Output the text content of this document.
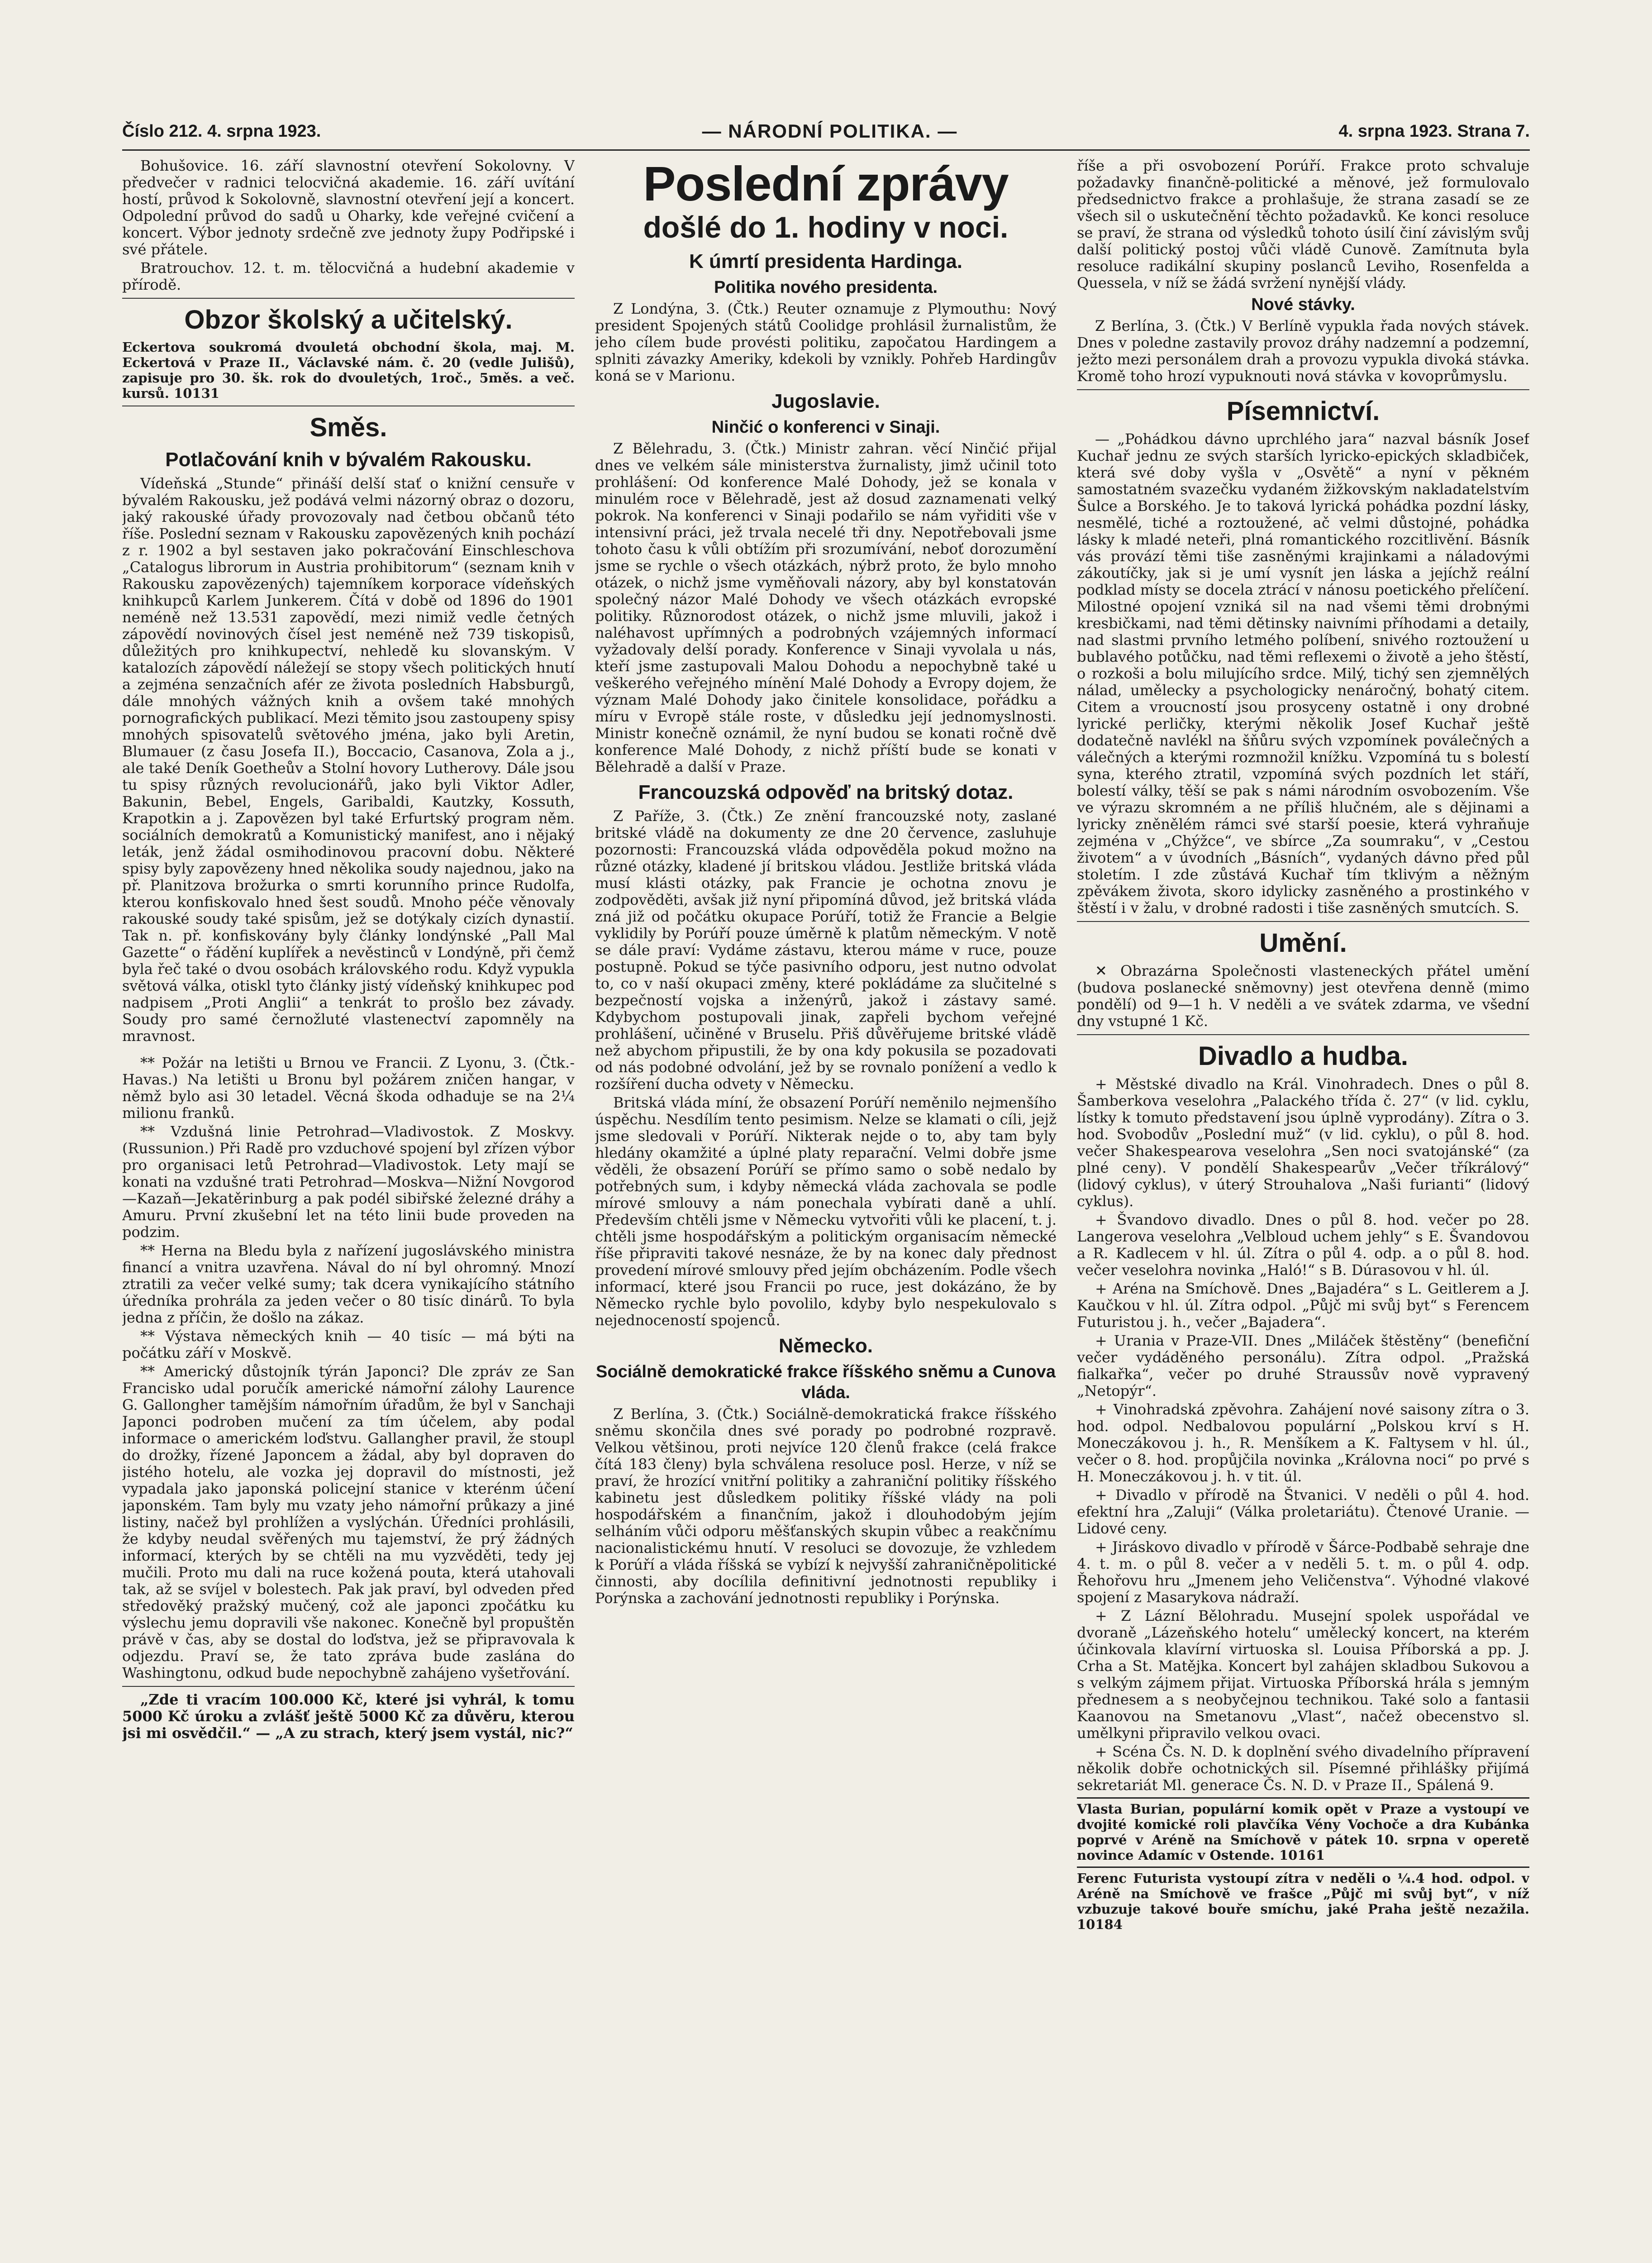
Číslo 212. 4. srpna 1923.	— NÁRODNÍ POLITIKA. —	4. srpna 1923. Strana 7.

Bohušovice. 16. září slavnostní otevření Sokolovny. V předvečer v radnici telocvičná akademie. 16. září uvítání hostí, průvod k Sokolovně, slavnostní otevření její a koncert. Odpolední průvod do sadů u Oharky, kde veřejné cvičení a koncert. Výbor jednoty srdečně zve jednoty župy Podřipské i své přátele.

Bratrouchov. 12. t. m. tělocvičná a hudební akademie v přírodě.

Obzor školský a učitelský.

Eckertova soukromá dvouletá obchodní škola, maj. M. Eckertová v Praze II., Václavské nám. č. 20 (vedle Julišů), zapisuje pro 30. šk. rok do dvouletých, 1roč., 5měs. a več. kursů. 10131

Směs.
Potlačování knih v bývalém Rakousku.

Vídeňská „Stunde“ přináší delší stať o knižní censuře v bývalém Rakousku, jež podává velmi názorný obraz o dozoru, jaký rakouské úřady provozovaly nad četbou občanů této říše. Poslední seznam v Rakousku zapovězených knih pochází z r. 1902 a byl sestaven jako pokračování Einschleschova „Catalogus librorum in Austria prohibitorum“ (seznam knih v Rakousku zapovězených) tajemníkem korporace vídeňských knihkupců Karlem Junkerem. Čítá v době od 1896 do 1901 neméně než 13.531 zapovědí, mezi nimiž vedle četných zápovědí novinových čísel jest neméně než 739 tiskopisů, důležitých pro knihkupectví, nehledě ku slovanským. V katalozích zápovědí náležejí se stopy všech politických hnutí a zejména senzačních afér ze života posledních Habsburgů, dále mnohých vážných knih a ovšem také mnohých pornografických publikací. Mezi těmito jsou zastoupeny spisy mnohých spisovatelů světového jména, jako byli Aretin, Blumauer (z času Josefa II.), Boccacio, Casanova, Zola a j., ale také Deník Goetheův a Stolní hovory Lutherovy. Dále jsou tu spisy různých revolucionářů, jako byli Viktor Adler, Bakunin, Bebel, Engels, Garibaldi, Kautzky, Kossuth, Krapotkin a j. Zapovězen byl také Erfurtský program něm. sociálních demokratů a Komunistický manifest, ano i nějaký leták, jenž žádal osmihodinovou pracovní dobu. Některé spisy byly zapovězeny hned několika soudy najednou, jako na př. Planitzova brožurka o smrti korunního prince Rudolfa, kterou konfiskovalo hned šest soudů. Mnoho péče věnovaly rakouské soudy také spisům, jež se dotýkaly cizích dynastií. Tak n. př. konfiskovány byly články londýnské „Pall Mal Gazette“ o řádění kuplířek a nevěstinců v Londýně, při čemž byla řeč také o dvou osobách královského rodu. Když vypukla světová válka, otiskl tyto články jistý vídeňský knihkupec pod nadpisem „Proti Anglii“ a tenkrát to prošlo bez závady. Soudy pro samé černožluté vlastenectví zapomněly na mravnost.

** Požár na letišti u Brnou ve Francii. Z Lyonu, 3. (Čtk.-Havas.) Na letišti u Bronu byl požárem zničen hangar, v němž bylo asi 30 letadel. Věcná škoda odhaduje se na 2¼ milionu franků.

** Vzdušná linie Petrohrad—Vladivostok. Z Moskvy. (Russunion.) Při Radě pro vzduchové spojení byl zřízen výbor pro organisaci letů Petrohrad—Vladivostok. Lety mají se konati na vzdušné trati Petrohrad—Moskva—Nižní Novgorod—Kazaň—Jekatěrinburg a pak podél sibiřské železné dráhy a Amuru. První zkušební let na této linii bude proveden na podzim.

** Herna na Bledu byla z nařízení jugoslávského ministra financí a vnitra uzavřena. Nával do ní byl ohromný. Mnozí ztratili za večer velké sumy; tak dcera vynikajícího státního úředníka prohrála za jeden večer o 80 tisíc dinárů. To byla jedna z příčin, že došlo na zákaz.

** Výstava německých knih — 40 tisíc — má býti na počátku září v Moskvě.

** Americký důstojník týrán Japonci? Dle zpráv ze San Francisko udal poručík americké námořní zálohy Laurence G. Gallongher tamějším námořním úřadům, že byl v Sanchaji Japonci podroben mučení za tím účelem, aby podal informace o americkém loďstvu. Gallangher pravil, že stoupl do drožky, řízené Japoncem a žádal, aby byl dopraven do jistého hotelu, ale vozka jej dopravil do místnosti, jež vypadala jako japonská policejní stanice v kterénm účení japonském. Tam byly mu vzaty jeho námořní průkazy a jiné listiny, načež byl prohlížen a vyslýchán. Úředníci prohlásili, že kdyby neudal svěřených mu tajemství, že prý žádných informací, kterých by se chtěli na mu vyzvěděti, tedy jej mučili. Proto mu dali na ruce kožená pouta, která utahovali tak, až se svíjel v bolestech. Pak jak praví, byl odveden před středověký pražský mučený, což ale japonci zpočátku ku výslechu jemu dopravili vše nakonec. Konečně byl propuštěn právě v čas, aby se dostal do loďstva, jež se připravovala k odjezdu. Praví se, že tato zpráva bude zaslána do Washingtonu, odkud bude nepochybně zahájeno vyšetřování.

„Zde ti vracím 100.000 Kč, které jsi vyhrál, k tomu 5000 Kč úroku a zvlášť ještě 5000 Kč za důvěru, kterou jsi mi osvědčil.“ — „A zu strach, který jsem vystál, nic?“

Poslední zprávy
došlé do 1. hodiny v noci.
K úmrtí presidenta Hardinga.
Politika nového presidenta.

Z Londýna, 3. (Čtk.) Reuter oznamuje z Plymouthu: Nový president Spojených států Coolidge prohlásil žurnalistům, že jeho cílem bude provésti politiku, započatou Hardingem a splniti závazky Ameriky, kdekoli by vznikly. Pohřeb Hardingův koná se v Marionu.

Jugoslavie.
Ninčić o konferenci v Sinaji.

Z Bělehradu, 3. (Čtk.) Ministr zahran. věcí Ninčić přijal dnes ve velkém sále ministerstva žurnalisty, jimž učinil toto prohlášení: Od konference Malé Dohody, jež se konala v minulém roce v Bělehradě, jest až dosud zaznamenati velký pokrok. Na konferenci v Sinaji podařilo se nám vyřiditi vše v intensivní práci, jež trvala necelé tři dny. Nepotřebovali jsme tohoto času k vůli obtížím při srozumívání, neboť dorozumění jsme se rychle o všech otázkách, nýbrž proto, že bylo mnoho otázek, o nichž jsme vyměňovali názory, aby byl konstatován společný názor Malé Dohody ve všech otázkách evropské politiky. Různorodost otázek, o nichž jsme mluvili, jakož i naléhavost upřímných a podrobných vzájemných informací vyžadovaly delší porady. Konference v Sinaji vyvolala u nás, kteří jsme zastupovali Malou Dohodu a nepochybně také u veškerého veřejného mínění Malé Dohody a Evropy dojem, že význam Malé Dohody jako činitele konsolidace, pořádku a míru v Evropě stále roste, v důsledku její jednomyslnosti. Ministr konečně oznámil, že nyní budou se konati ročně dvě konference Malé Dohody, z nichž příští bude se konati v Bělehradě a další v Praze.

Francouzská odpověď na britský dotaz.

Z Paříže, 3. (Čtk.) Ze znění francouzské noty, zaslané britské vládě na dokumenty ze dne 20 července, zasluhuje pozornosti: Francouzská vláda odpověděla pokud možno na různé otázky, kladené jí britskou vládou. Jestliže britská vláda musí klásti otázky, pak Francie je ochotna znovu je zodpověděti, avšak již nyní připomíná důvod, jež britská vláda zná již od počátku okupace Porúří, totiž že Francie a Belgie vyklidily by Porúří pouze úměrně k platům německým. V notě se dále praví: Vydáme zástavu, kterou máme v ruce, pouze postupně. Pokud se týče pasivního odporu, jest nutno odvolat to, co v naší okupaci změny, které pokládáme za slučitelné s bezpečností vojska a inženýrů, jakož i zástavy samé. Kdybychom postupovali jinak, zapřeli bychom veřejné prohlášení, učiněné v Bruselu. Přiš důvěřujeme britské vládě než abychom připustili, že by ona kdy pokusila se pozadovati od nás podobné odvolání, jež by se rovnalo ponížení a vedlo k rozšíření ducha odvety v Německu.

Britská vláda míní, že obsazení Porúří neměnilo nejmenšího úspěchu. Nesdílím tento pesimism. Nelze se klamati o cíli, jejž jsme sledovali v Porúří. Nikterak nejde o to, aby tam byly hledány okamžité a úplné platy reparační. Velmi dobře jsme věděli, že obsazení Porúří se přímo samo o sobě nedalo by potřebných sum, i kdyby německá vláda zachovala se podle mírové smlouvy a nám ponechala vybírati daně a uhlí. Především chtěli jsme v Německu vytvořiti vůli ke placení, t. j. chtěli jsme hospodářským a politickým organisacím německé říše připraviti takové nesnáze, že by na konec daly přednost provedení mírové smlouvy před jejím obcházením. Podle všech informací, které jsou Francii po ruce, jest dokázáno, že by Německo rychle bylo povolilo, kdyby bylo nespekulovalo s nejednoceností spojenců.

Německo.
Sociálně demokratické frakce říšského sněmu a Cunova vláda.

Z Berlína, 3. (Čtk.) Sociálně-demokratická frakce říšského sněmu skončila dnes své porady po podrobné rozpravě. Velkou většinou, proti nejvíce 120 členů frakce (celá frakce čítá 183 členy) byla schválena resoluce posl. Herze, v níž se praví, že hrozící vnitřní politiky a zahraniční politiky říšského kabinetu jest důsledkem politiky říšské vlády na poli hospodářském a finančním, jakož i dlouhodobým jejím selháním vůči odporu měšťanských skupin vůbec a reakčnímu nacionalistickému hnutí. V resoluci se dovozuje, že vzhledem k Porúří a vláda říšská se vybízí k nejvyšší zahraničněpolitické činnosti, aby docílila definitivní jednotnosti republiky i Porýnska a zachování jednotnosti republiky i Porýnska.

říše a při osvobození Porúří. Frakce proto schvaluje požadavky finančně-politické a měnové, jež formulovalo předsednictvo frakce a prohlašuje, že strana zasadí se ze všech sil o uskutečnění těchto požadavků. Ke konci resoluce se praví, že strana od výsledků tohoto úsilí činí závislým svůj další politický postoj vůči vládě Cunově. Zamítnuta byla resoluce radikální skupiny poslanců Leviho, Rosenfelda a Quessela, v níž se žádá svržení nynější vlády.

Nové stávky.

Z Berlína, 3. (Čtk.) V Berlíně vypukla řada nových stávek. Dnes v poledne zastavily provoz dráhy nadzemní a podzemní, ježto mezi personálem drah a provozu vypukla divoká stávka. Kromě toho hrozí vypuknouti nová stávka v kovoprůmyslu.

Písemnictví.

— „Pohádkou dávno uprchlého jara“ nazval básník Josef Kuchař jednu ze svých starších lyricko-epických skladbiček, která své doby vyšla v „Osvětě“ a nyní v pěkném samostatném svazečku vydaném žižkovským nakladatelstvím Šulce a Borského. Je to taková lyrická pohádka pozdní lásky, nesmělé, tiché a roztoužené, ač velmi důstojné, pohádka lásky k mladé neteři, plná romantického rozcitlivění. Básník vás provází těmi tiše zasněnými krajinkami a náladovými zákoutíčky, jak si je umí vysnít jen láska a jejíchž reální podklad místy se docela ztrácí v nánosu poetického přelíčení. Milostné opojení vzniká sil na nad všemi těmi drobnými kresbičkami, nad těmi dětinsky naivními příhodami a detaily, nad slastmi prvního letmého políbení, snivého roztoužení u bublavého potůčku, nad těmi reflexemi o životě a jeho štěstí, o rozkoši a bolu milujícího srdce. Milý, tichý sen zjemnělých nálad, umělecky a psychologicky nenáročný, bohatý citem. Citem a vroucností jsou prosyceny ostatně i ony drobné lyrické perličky, kterými několik Josef Kuchař ještě dodatečně navlékl na šňůru svých vzpomínek poválečných a válečných a kterými rozmnožil knížku. Vzpomíná tu s bolestí syna, kterého ztratil, vzpomíná svých pozdních let stáří, bolestí války, těší se pak s námi národním osvobozením. Vše ve výrazu skromném a ne příliš hlučném, ale s dějinami a lyricky zněnělém rámci své starší poesie, která vyhraňuje zejména v „Chýžce“, ve sbírce „Za soumraku“, v „Cestou životem“ a v úvodních „Básních“, vydaných dávno před půl stoletím. I zde zůstává Kuchař tím tklivým a něžným zpěvákem života, skoro idylicky zasněného a prostinkého v štěstí i v žalu, v drobné radosti i tiše zasněných smutcích. S.

Umění.

✕ Obrazárna Společnosti vlasteneckých přátel umění (budova poslanecké sněmovny) jest otevřena denně (mimo pondělí) od 9—1 h. V neděli a ve svátek zdarma, ve všední dny vstupné 1 Kč.

Divadlo a hudba.

+ Městské divadlo na Král. Vinohradech. Dnes o půl 8. Šamberkova veselohra „Palackého třída č. 27“ (v lid. cyklu, lístky k tomuto představení jsou úplně vyprodány). Zítra o 3. hod. Svobodův „Poslední muž“ (v lid. cyklu), o půl 8. hod. večer Shakespearova veselohra „Sen noci svatojánské“ (za plné ceny). V pondělí Shakespearův „Večer tříkrálový“ (lidový cyklus), v úterý Strouhalova „Naši furianti“ (lidový cyklus).

+ Švandovo divadlo. Dnes o půl 8. hod. večer po 28. Langerova veselohra „Velbloud uchem jehly“ s E. Švandovou a R. Kadlecem v hl. úl. Zítra o půl 4. odp. a o půl 8. hod. večer veselohra novinka „Haló!“ s B. Dúrasovou v hl. úl.

+ Aréna na Smíchově. Dnes „Bajadéra“ s L. Geitlerem a J. Kaučkou v hl. úl. Zítra odpol. „Půjč mi svůj byt“ s Ferencem Futuristou j. h., večer „Bajadera“.

+ Urania v Praze-VII. Dnes „Miláček štěstěny“ (benefiční večer vydáděného personálu). Zítra odpol. „Pražská fialkařka“, večer po druhé Straussův nově vypravený „Netopýr“.

+ Vinohradská zpěvohra. Zahájení nové saisony zítra o 3. hod. odpol. Nedbalovou populární „Polskou krví s H. Moneczákovou j. h., R. Menšíkem a K. Faltysem v hl. úl., večer o 8. hod. propůjčila novinka „Královna noci“ po prvé s H. Moneczákovou j. h. v tit. úl.

+ Divadlo v přírodě na Štvanici. V neděli o půl 4. hod. efektní hra „Zaluji“ (Válka proletariátu). Čtenové Uranie. — Lidové ceny.

+ Jiráskovo divadlo v přírodě v Šárce-Podbabě sehraje dne 4. t. m. o půl 8. večer a v neděli 5. t. m. o půl 4. odp. Řehořovu hru „Jmenem jeho Veličenstva“. Výhodné vlakové spojení z Masarykova nádraží.

+ Z Lázní Bělohradu. Musejní spolek uspořádal ve dvoraně „Lázeňského hotelu“ umělecký koncert, na kterém účinkovala klavírní virtuoska sl. Louisa Příborská a pp. J. Crha a St. Matějka. Koncert byl zahájen skladbou Sukovou a s velkým zájmem přijat. Virtuoska Příborská hrála s jemným přednesem a s neobyčejnou technikou. Také solo a fantasii Kaanovou na Smetanovu „Vlast“, načež obecenstvo sl. umělkyni připravilo velkou ovaci.

+ Scéna Čs. N. D. k doplnění svého divadelního přípravení několik dobře ochotnických sil. Písemné přihlášky přijímá sekretariát Ml. generace Čs. N. D. v Praze II., Spálená 9.

Vlasta Burian, populární komik opět v Praze a vystoupí ve dvojité komické roli plavčíka Vény Vochoče a dra Kubánka poprvé v Aréně na Smíchově v pátek 10. srpna v operetě novince Adamíc v Ostende. 10161

Ferenc Futurista vystoupí zítra v neděli o ¼.4 hod. odpol. v Aréně na Smíchově ve frašce „Půjč mi svůj byt“, v níž vzbuzuje takové bouře smíchu, jaké Praha ještě nezažila. 10184
